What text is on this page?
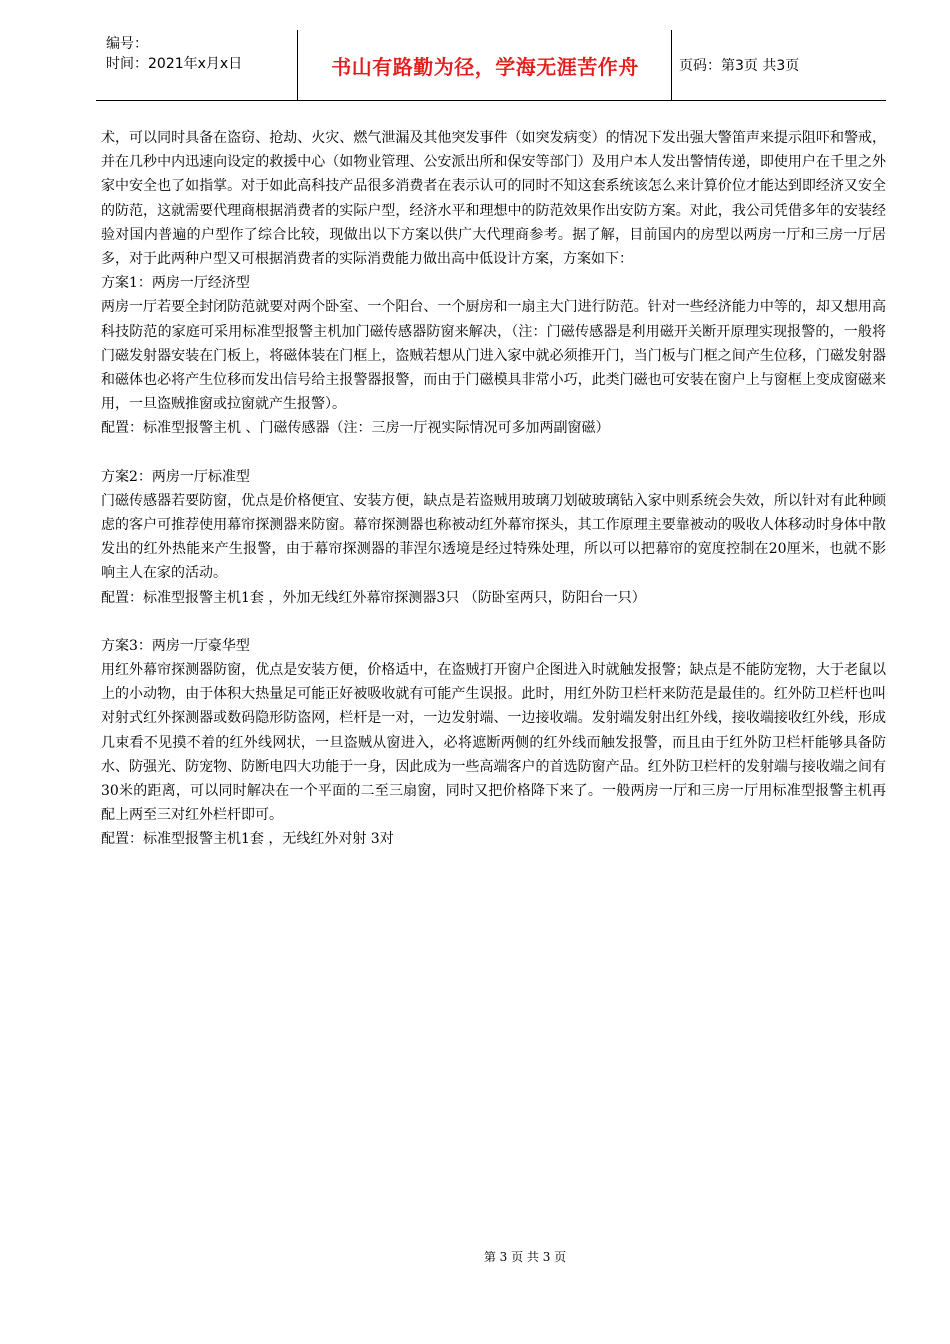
编号：
时间：2021年x月x日	书山有路勤为径，学海无涯苦作舟	页码：第3页 共3页

术，可以同时具备在盗窃、抢劫、火灾、燃气泄漏及其他突发事件（如突发病变）的情况下发出强大警笛声来提示阻吓和警戒，并在几秒中内迅速向设定的救援中心（如物业管理、公安派出所和保安等部门）及用户本人发出警情传递，即使用户在千里之外家中安全也了如指掌。对于如此高科技产品很多消费者在表示认可的同时不知这套系统该怎么来计算价位才能达到即经济又安全的防范，这就需要代理商根据消费者的实际户型，经济水平和理想中的防范效果作出安防方案。对此，我公司凭借多年的安装经验对国内普遍的户型作了综合比较，现做出以下方案以供广大代理商参考。据了解，目前国内的房型以两房一厅和三房一厅居多，对于此两种户型又可根据消费者的实际消费能力做出高中低设计方案，方案如下：

方案1：两房一厅经济型

两房一厅若要全封闭防范就要对两个卧室、一个阳台、一个厨房和一扇主大门进行防范。针对一些经济能力中等的，却又想用高科技防范的家庭可采用标准型报警主机加门磁传感器防窗来解决，（注：门磁传感器是利用磁开关断开原理实现报警的，一般将门磁发射器安装在门板上，将磁体装在门框上，盗贼若想从门进入家中就必须推开门，当门板与门框之间产生位移，门磁发射器和磁体也必将产生位移而发出信号给主报警器报警，而由于门磁模具非常小巧，此类门磁也可安装在窗户上与窗框上变成窗磁来用，一旦盗贼推窗或拉窗就产生报警）。

配置：标准型报警主机 、门磁传感器（注：三房一厅视实际情况可多加两副窗磁）

方案2：两房一厅标准型

门磁传感器若要防窗，优点是价格便宜、安装方便，缺点是若盗贼用玻璃刀划破玻璃钻入家中则系统会失效，所以针对有此种顾虑的客户可推荐使用幕帘探测器来防窗。幕帘探测器也称被动红外幕帘探头，其工作原理主要靠被动的吸收人体移动时身体中散发出的红外热能来产生报警，由于幕帘探测器的菲涅尔透境是经过特殊处理，所以可以把幕帘的宽度控制在20厘米，也就不影响主人在家的活动。

配置：标准型报警主机1套 ，外加无线红外幕帘探测器3只 （防卧室两只，防阳台一只）

方案3：两房一厅豪华型

用红外幕帘探测器防窗，优点是安装方便，价格适中，在盗贼打开窗户企图进入时就触发报警；缺点是不能防宠物，大于老鼠以上的小动物，由于体积大热量足可能正好被吸收就有可能产生误报。此时，用红外防卫栏杆来防范是最佳的。红外防卫栏杆也叫对射式红外探测器或数码隐形防盗网，栏杆是一对，一边发射端、一边接收端。发射端发射出红外线，接收端接收红外线，形成几束看不见摸不着的红外线网状，一旦盗贼从窗进入，必将遮断两侧的红外线而触发报警，而且由于红外防卫栏杆能够具备防水、防强光、防宠物、防断电四大功能于一身，因此成为一些高端客户的首选防窗产品。红外防卫栏杆的发射端与接收端之间有30米的距离，可以同时解决在一个平面的二至三扇窗，同时又把价格降下来了。一般两房一厅和三房一厅用标准型报警主机再配上两至三对红外栏杆即可。

配置：标准型报警主机1套 ，无线红外对射 3对

第 3 页 共 3 页
